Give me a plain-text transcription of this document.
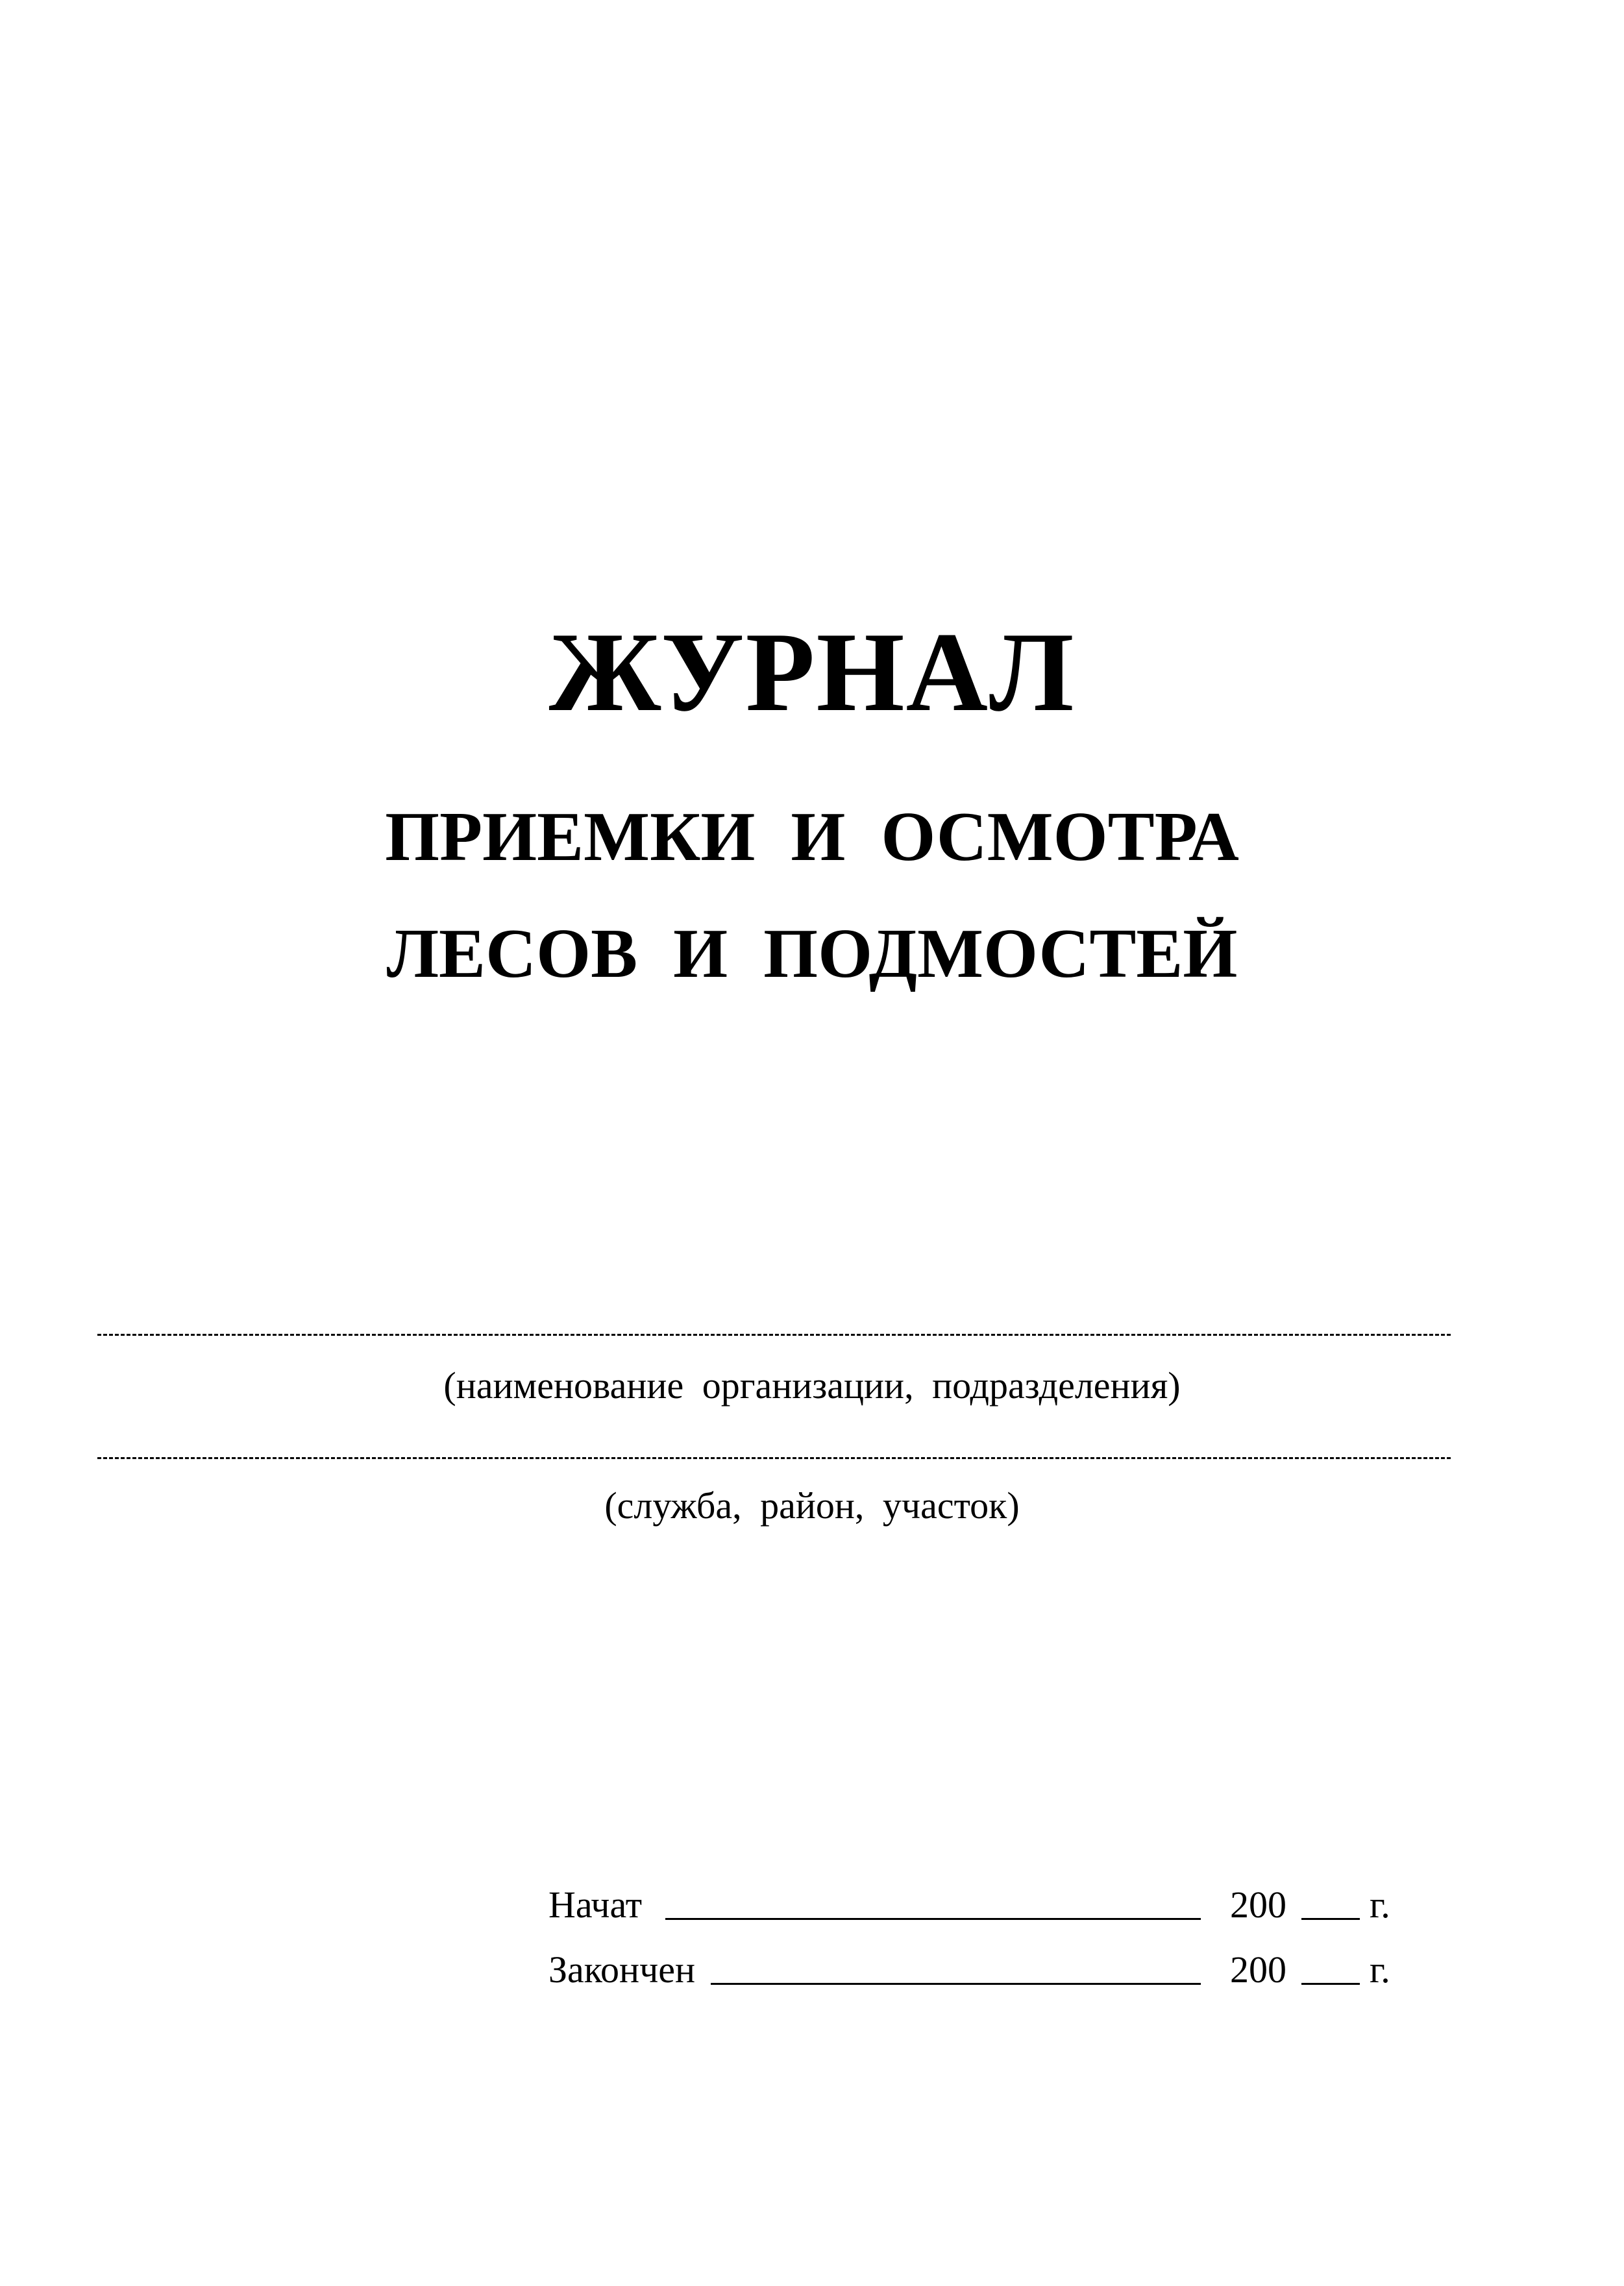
ЖУРНАЛ
ПРИЕМКИ И ОСМОТРА
ЛЕСОВ И ПОДМОСТЕЙ
(наименование организации, подразделения)
(служба, район, участок)
Начат	200 г.
Закончен	200 г.
